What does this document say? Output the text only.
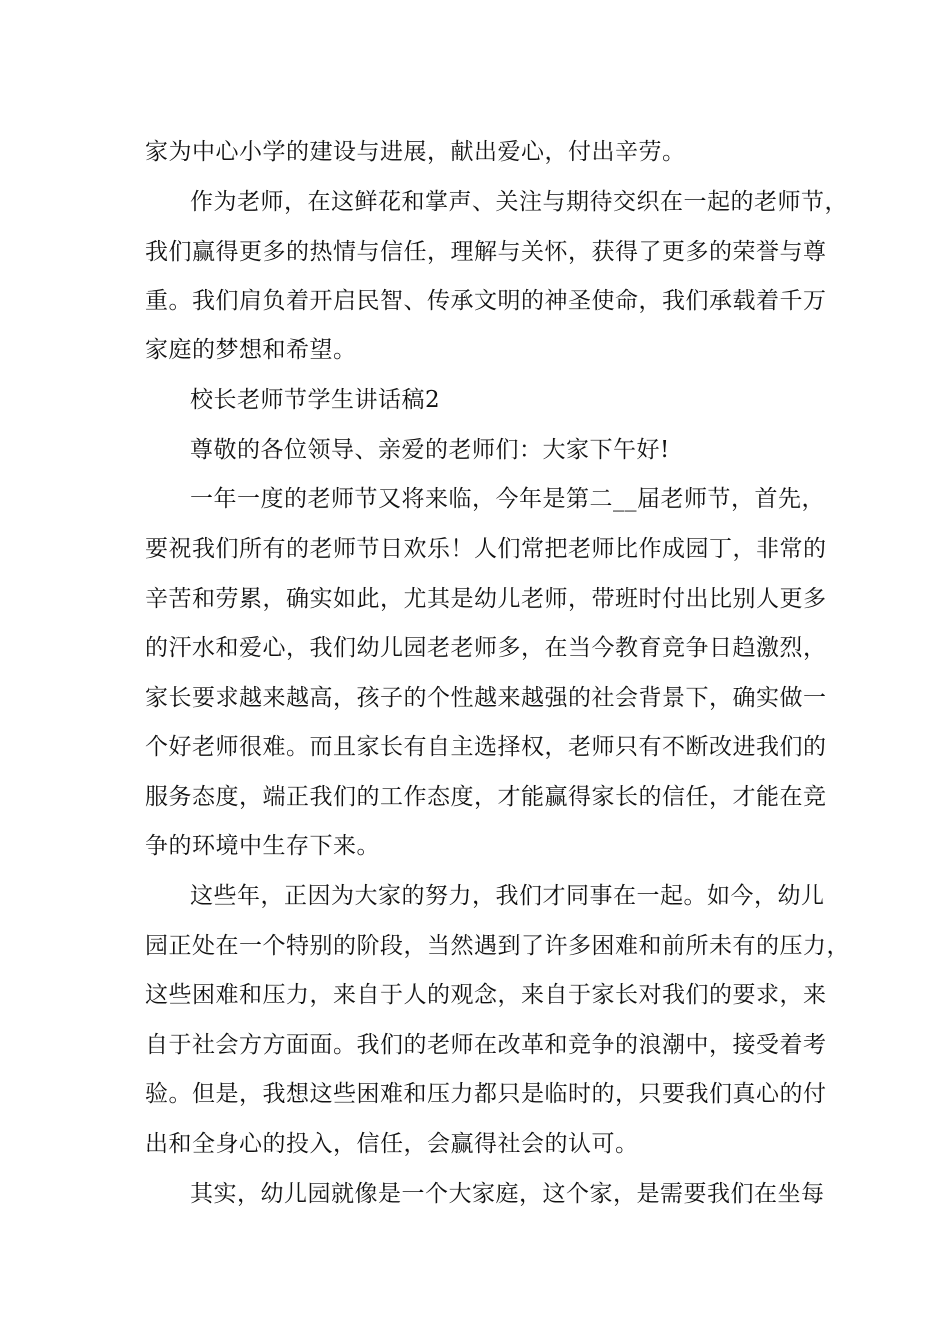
家为中心小学的建设与进展，献出爱心，付出辛劳。
作为老师，在这鲜花和掌声、关注与期待交织在一起的老师节，
我们赢得更多的热情与信任，理解与关怀，获得了更多的荣誉与尊
重。我们肩负着开启民智、传承文明的神圣使命，我们承载着千万
家庭的梦想和希望。
校长老师节学生讲话稿2
尊敬的各位领导、亲爱的老师们：大家下午好!
一年一度的老师节又将来临，今年是第二__届老师节，首先，
要祝我们所有的老师节日欢乐！人们常把老师比作成园丁，非常的
辛苦和劳累，确实如此，尤其是幼儿老师，带班时付出比别人更多
的汗水和爱心，我们幼儿园老老师多，在当今教育竞争日趋激烈，
家长要求越来越高，孩子的个性越来越强的社会背景下，确实做一
个好老师很难。而且家长有自主选择权，老师只有不断改进我们的
服务态度，端正我们的工作态度，才能赢得家长的信任，才能在竞
争的环境中生存下来。
这些年，正因为大家的努力，我们才同事在一起。如今，幼儿
园正处在一个特别的阶段，当然遇到了许多困难和前所未有的压力，
这些困难和压力，来自于人的观念，来自于家长对我们的要求，来
自于社会方方面面。我们的老师在改革和竞争的浪潮中，接受着考
验。但是，我想这些困难和压力都只是临时的，只要我们真心的付
出和全身心的投入，信任，会赢得社会的认可。
其实，幼儿园就像是一个大家庭，这个家，是需要我们在坐每
